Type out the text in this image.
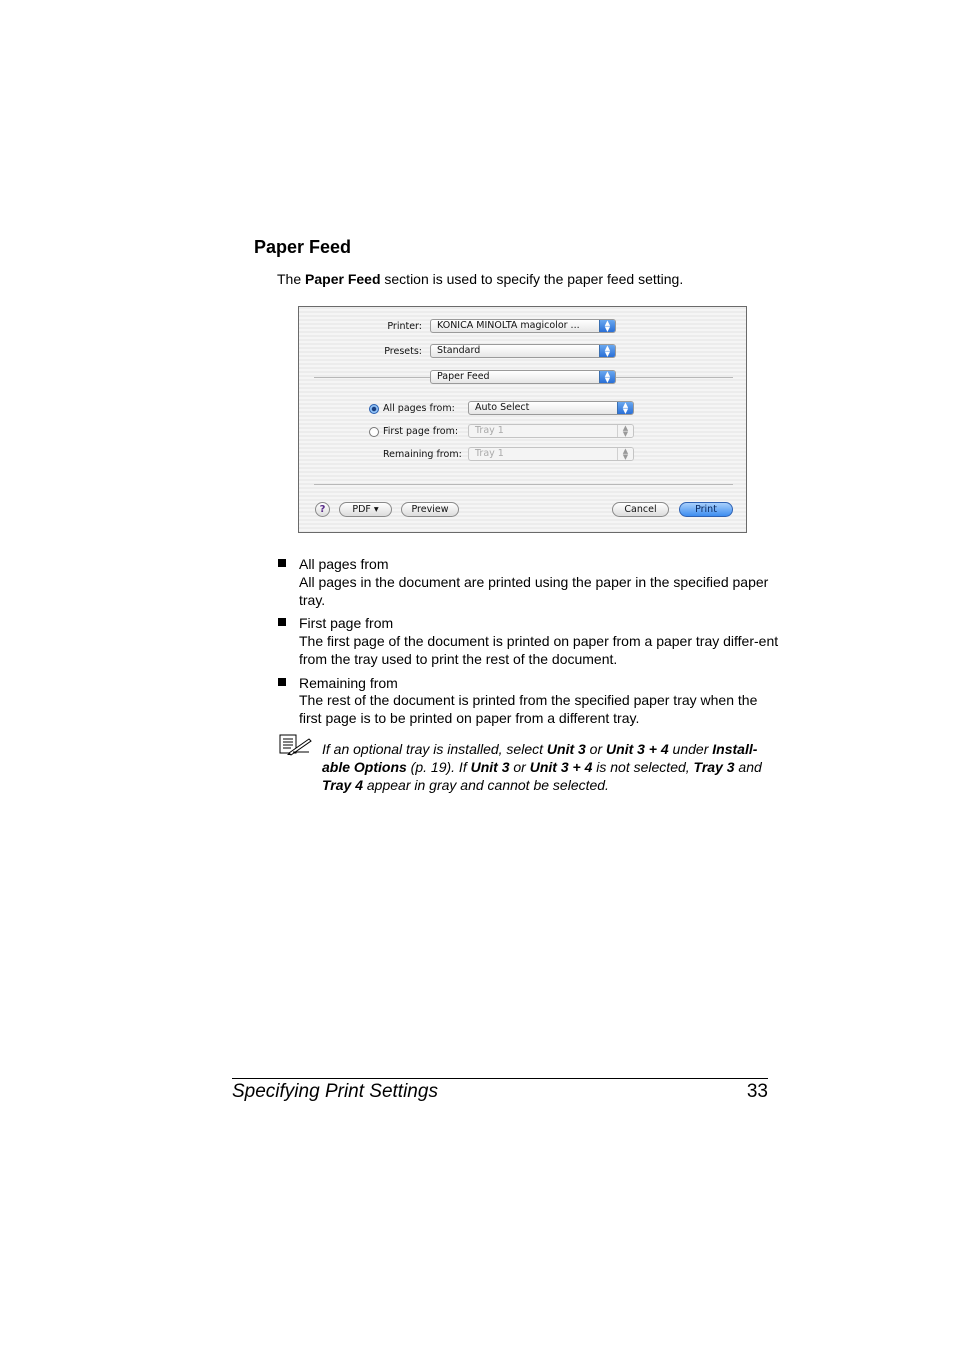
Paper Feed
The Paper Feed section is used to specify the paper feed setting.
Printer:	KONICA MINOLTA magicolor ...	▲
▼
Presets:	Standard	▲
▼
Paper Feed	▲
▼
All pages from:	Auto Select	▲
▼
First page from:	Tray 1	▲
▼
Remaining from:	Tray 1	▲
▼
?	PDF ▾	Preview	Cancel	Print
All pages from
All pages in the document are printed using the paper in the specified paper tray.
First page from
The first page of the document is printed on paper from a paper tray differ-ent from the tray used to print the rest of the document.
Remaining from
The rest of the document is printed from the specified paper tray when the first page is to be printed on paper from a different tray.
If an optional tray is installed, select Unit 3 or Unit 3 + 4 under Install-able Options (p. 19). If Unit 3 or Unit 3 + 4 is not selected, Tray 3 and Tray 4 appear in gray and cannot be selected.
Specifying Print Settings	33
